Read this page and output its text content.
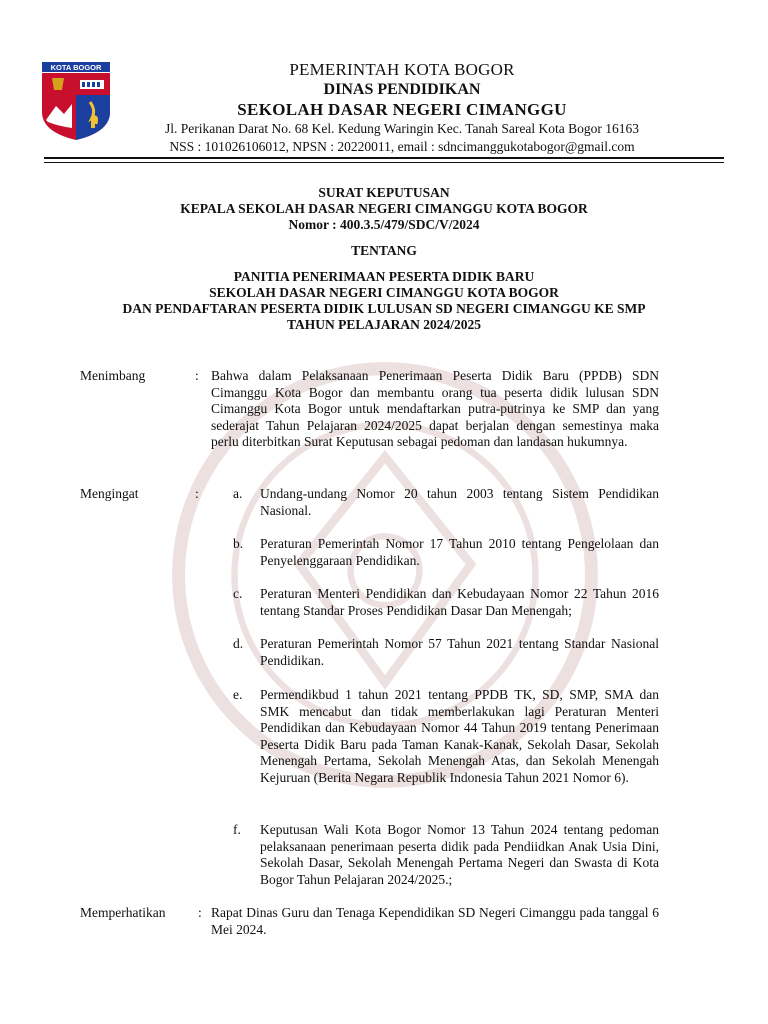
KOTA BOGOR	PEMERINTAH KOTA BOGOR
DINAS PENDIDIKAN
SEKOLAH DASAR NEGERI CIMANGGU
Jl. Perikanan Darat No. 68 Kel. Kedung Waringin Kec. Tanah Sareal Kota Bogor 16163
NSS : 101026106012, NPSN : 20220011, email : sdncimanggukotabogor@gmail.com
SURAT KEPUTUSAN
KEPALA SEKOLAH DASAR NEGERI CIMANGGU KOTA BOGOR
Nomor : 400.3.5/479/SDC/V/2024
TENTANG
PANITIA PENERIMAAN PESERTA DIDIK BARU
SEKOLAH DASAR NEGERI CIMANGGU KOTA BOGOR
DAN PENDAFTARAN PESERTA DIDIK LULUSAN SD NEGERI CIMANGGU KE SMP
TAHUN PELAJARAN 2024/2025
Menimbang	: Bahwa dalam Pelaksanaan Penerimaan Peserta Didik Baru (PPDB) SDN Cimanggu Kota Bogor dan membantu orang tua peserta didik lulusan SDN Cimanggu Kota Bogor untuk mendaftarkan putra-putrinya ke SMP dan yang sederajat Tahun Pelajaran 2024/2025 dapat berjalan dengan semestinya maka perlu diterbitkan Surat Keputusan sebagai pedoman dan landasan hukumnya.
Mengingat	:	a.	Undang-undang Nomor 20 tahun 2003 tentang Sistem Pendidikan Nasional.
b.	Peraturan Pemerintah Nomor 17 Tahun 2010 tentang Pengelolaan dan Penyelenggaraan Pendidikan.
c.	Peraturan Menteri Pendidikan dan Kebudayaan Nomor 22 Tahun 2016 tentang Standar Proses Pendidikan Dasar Dan Menengah;
d.	Peraturan Pemerintah Nomor 57 Tahun 2021 tentang Standar Nasional Pendidikan.
e.	Permendikbud 1 tahun 2021 tentang PPDB TK, SD, SMP, SMA dan SMK mencabut dan tidak memberlakukan lagi Peraturan Menteri Pendidikan dan Kebudayaan Nomor 44 Tahun 2019 tentang Penerimaan Peserta Didik Baru pada Taman Kanak-Kanak, Sekolah Dasar, Sekolah Menengah Pertama, Sekolah Menengah Atas, dan Sekolah Menengah Kejuruan (Berita Negara Republik Indonesia Tahun 2021 Nomor 6).
f.	Keputusan Wali Kota Bogor Nomor 13 Tahun 2024 tentang pedoman pelaksanaan penerimaan peserta didik pada Pendiidkan Anak Usia Dini, Sekolah Dasar, Sekolah Menengah Pertama Negeri dan Swasta di Kota Bogor Tahun Pelajaran 2024/2025.;
Memperhatikan : Rapat Dinas Guru dan Tenaga Kependidikan SD Negeri Cimanggu pada tanggal 6 Mei 2024.
